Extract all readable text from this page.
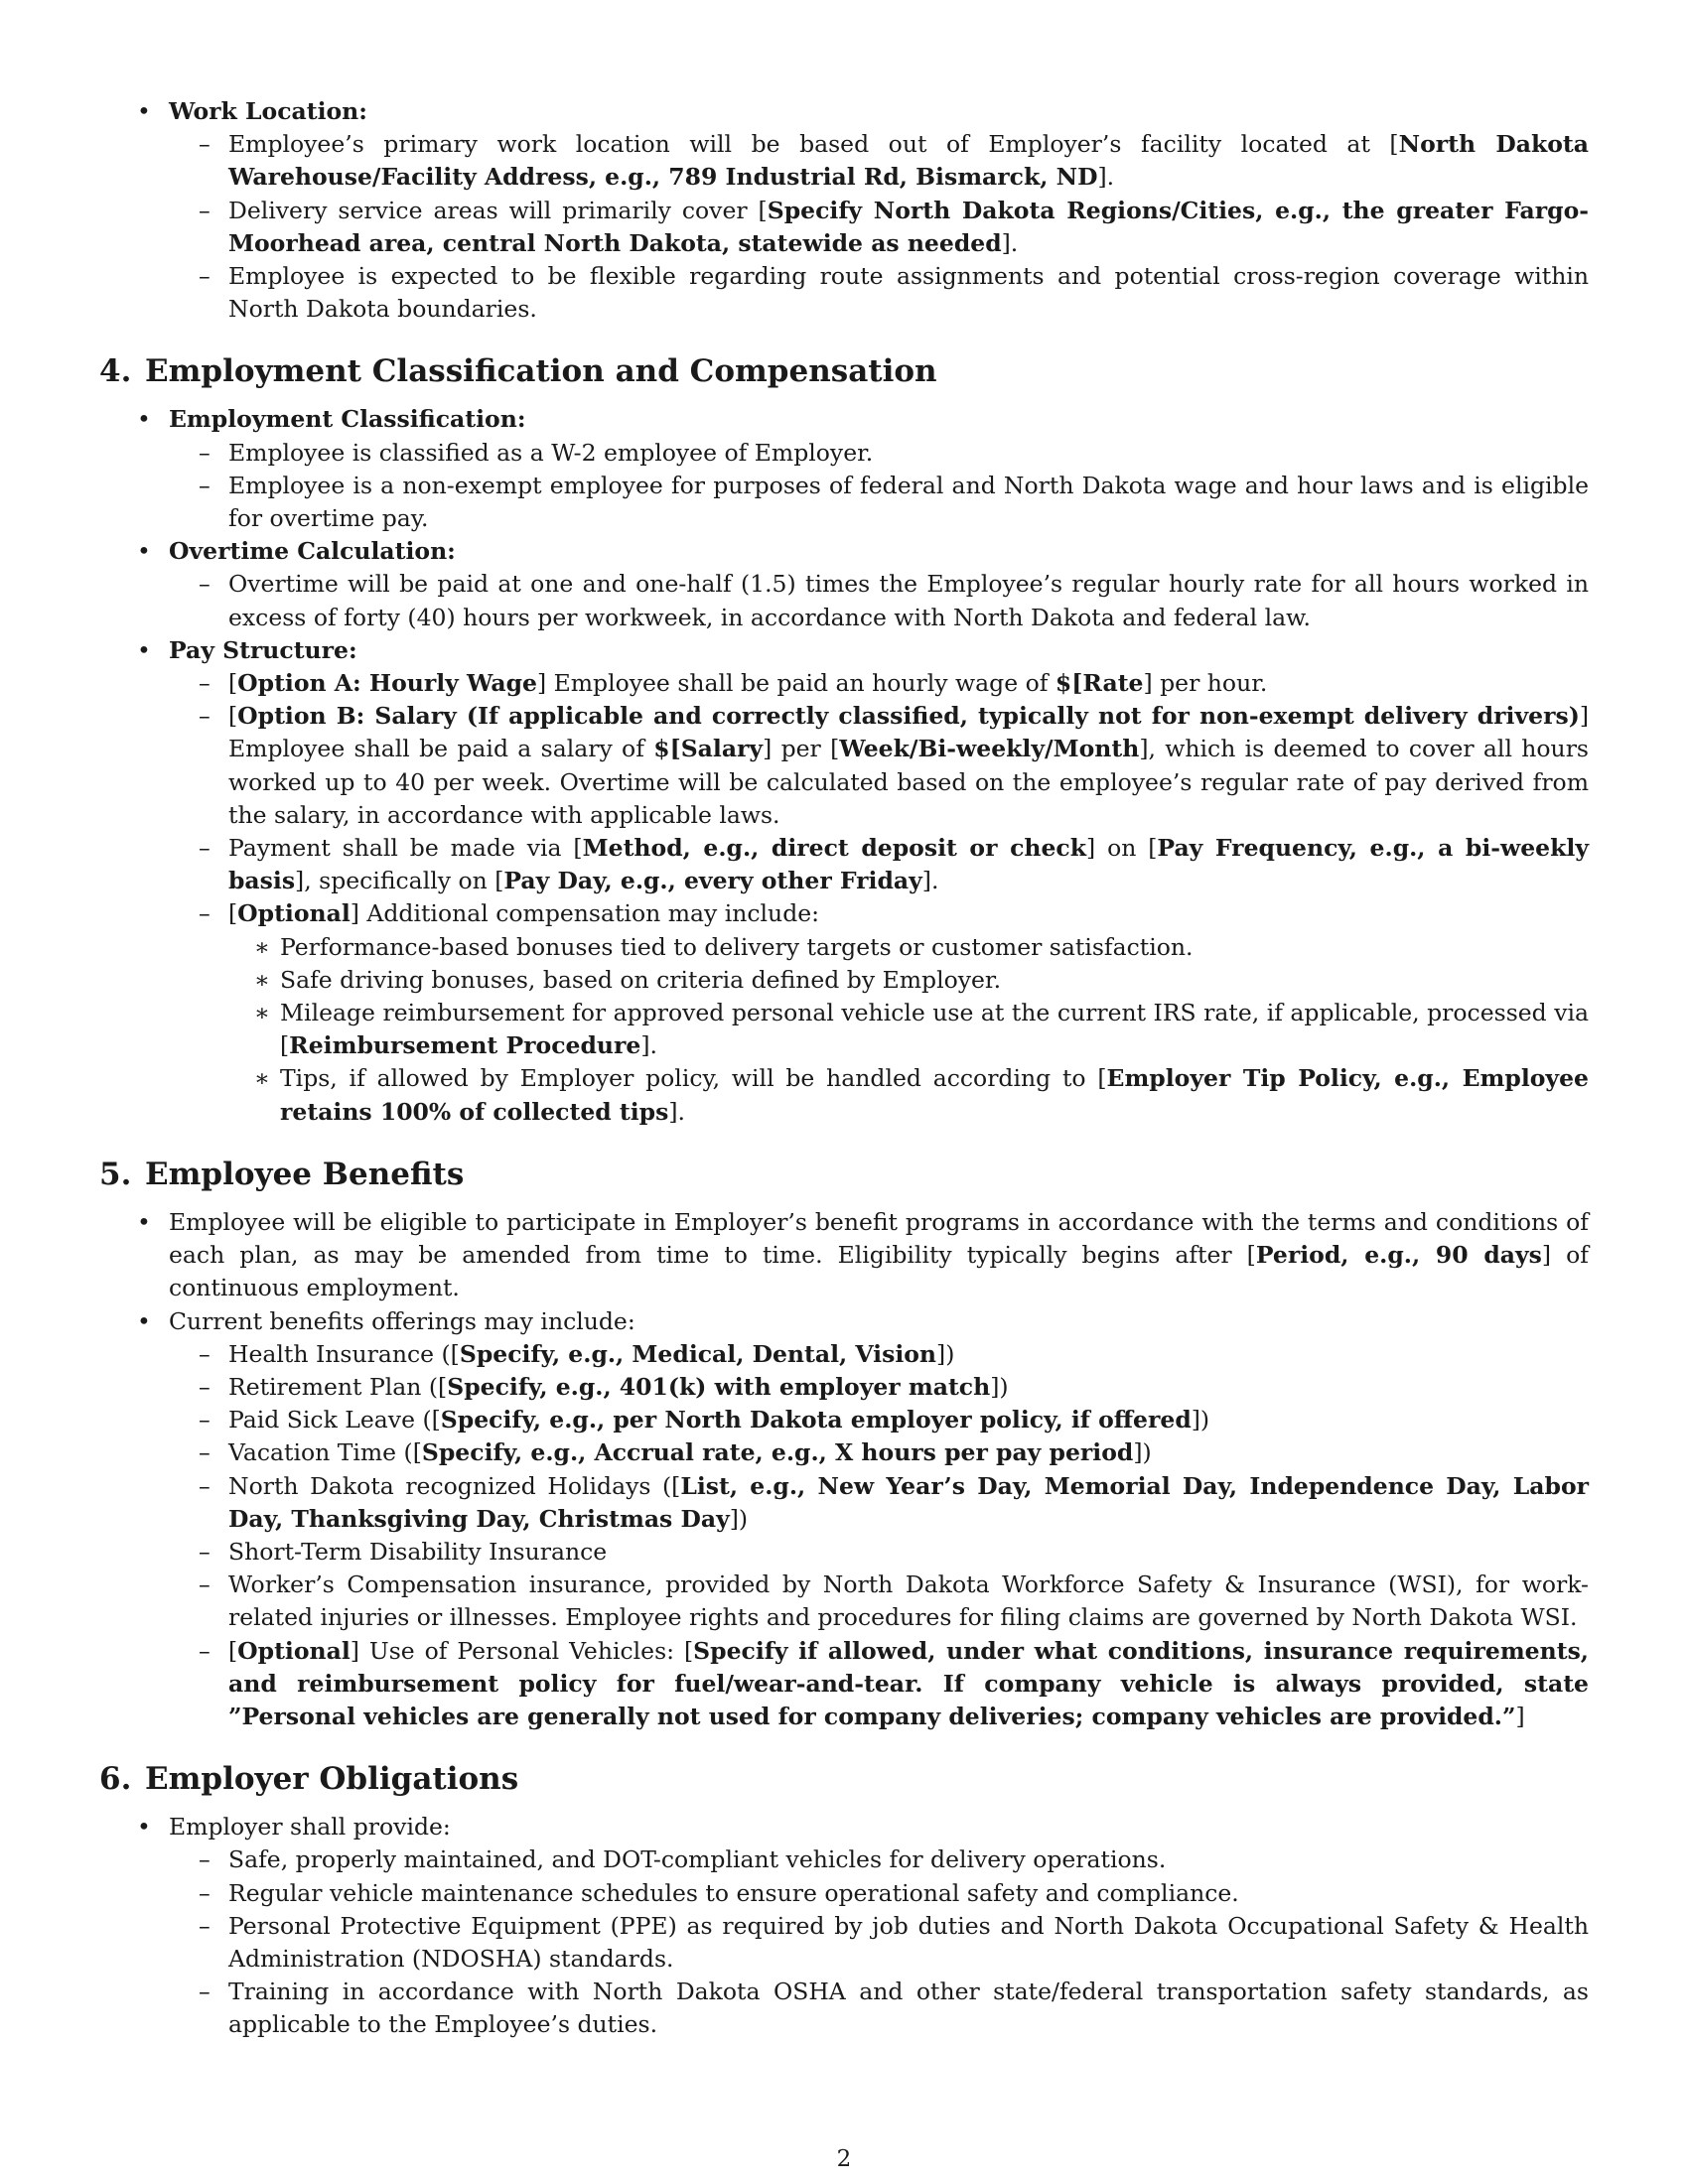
• Work Location:
– Employee’s primary work location will be based out of Employer’s facility located at [North Dakota Warehouse/Facility Address, e.g., 789 Industrial Rd, Bismarck, ND].
– Delivery service areas will primarily cover [Specify North Dakota Regions/Cities, e.g., the greater Fargo-Moorhead area, central North Dakota, statewide as needed].
– Employee is expected to be flexible regarding route assignments and potential cross-region coverage within North Dakota boundaries.
4. Employment Classification and Compensation
• Employment Classification:
– Employee is classified as a W-2 employee of Employer.
– Employee is a non-exempt employee for purposes of federal and North Dakota wage and hour laws and is eligible for overtime pay.
• Overtime Calculation:
– Overtime will be paid at one and one-half (1.5) times the Employee’s regular hourly rate for all hours worked in excess of forty (40) hours per workweek, in accordance with North Dakota and federal law.
• Pay Structure:
– [Option A: Hourly Wage] Employee shall be paid an hourly wage of $[Rate] per hour.
– [Option B: Salary (If applicable and correctly classified, typically not for non-exempt delivery drivers)] Employee shall be paid a salary of $[Salary] per [Week/Bi-weekly/Month], which is deemed to cover all hours worked up to 40 per week. Overtime will be calculated based on the employee’s regular rate of pay derived from the salary, in accordance with applicable laws.
– Payment shall be made via [Method, e.g., direct deposit or check] on [Pay Frequency, e.g., a bi-weekly basis], specifically on [Pay Day, e.g., every other Friday].
– [Optional] Additional compensation may include:
∗ Performance-based bonuses tied to delivery targets or customer satisfaction.
∗ Safe driving bonuses, based on criteria defined by Employer.
∗ Mileage reimbursement for approved personal vehicle use at the current IRS rate, if applicable, processed via [Reimbursement Procedure].
∗ Tips, if allowed by Employer policy, will be handled according to [Employer Tip Policy, e.g., Employee retains 100% of collected tips].
5. Employee Benefits
• Employee will be eligible to participate in Employer’s benefit programs in accordance with the terms and conditions of each plan, as may be amended from time to time. Eligibility typically begins after [Period, e.g., 90 days] of continuous employment.
• Current benefits offerings may include:
– Health Insurance ([Specify, e.g., Medical, Dental, Vision])
– Retirement Plan ([Specify, e.g., 401(k) with employer match])
– Paid Sick Leave ([Specify, e.g., per North Dakota employer policy, if offered])
– Vacation Time ([Specify, e.g., Accrual rate, e.g., X hours per pay period])
– North Dakota recognized Holidays ([List, e.g., New Year’s Day, Memorial Day, Independence Day, Labor Day, Thanksgiving Day, Christmas Day])
– Short-Term Disability Insurance
– Worker’s Compensation insurance, provided by North Dakota Workforce Safety & Insurance (WSI), for work-related injuries or illnesses. Employee rights and procedures for filing claims are governed by North Dakota WSI.
– [Optional] Use of Personal Vehicles: [Specify if allowed, under what conditions, insurance requirements, and reimbursement policy for fuel/wear-and-tear. If company vehicle is always provided, state ”Personal vehicles are generally not used for company deliveries; company vehicles are provided.”]
6. Employer Obligations
• Employer shall provide:
– Safe, properly maintained, and DOT-compliant vehicles for delivery operations.
– Regular vehicle maintenance schedules to ensure operational safety and compliance.
– Personal Protective Equipment (PPE) as required by job duties and North Dakota Occupational Safety & Health Administration (NDOSHA) standards.
– Training in accordance with North Dakota OSHA and other state/federal transportation safety standards, as applicable to the Employee’s duties.
2
